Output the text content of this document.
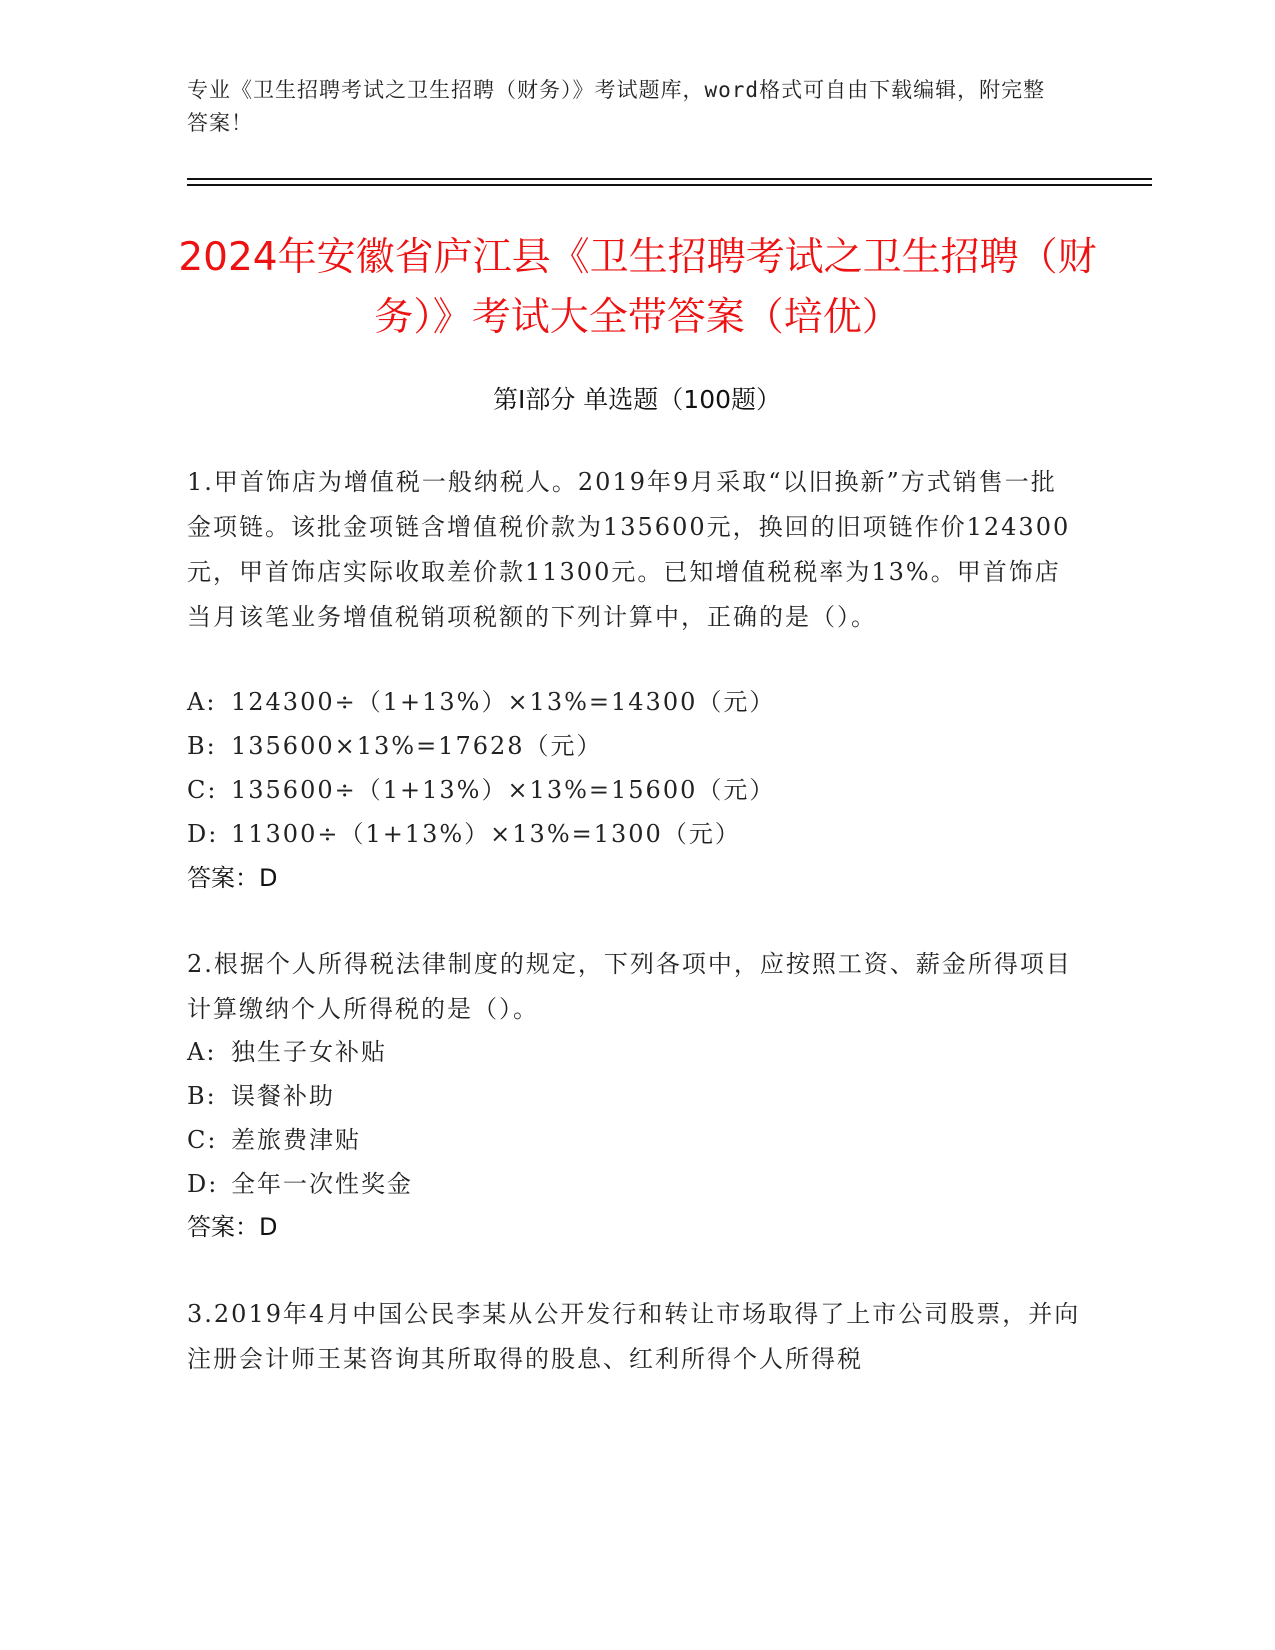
专业《卫生招聘考试之卫生招聘（财务）》考试题库，word格式可自由下载编辑，附完整答案！
2024年安徽省庐江县《卫生招聘考试之卫生招聘（财务）》考试大全带答案（培优）
第I部分 单选题（100题）
1.甲首饰店为增值税一般纳税人。2019年9月采取“以旧换新”方式销售一批金项链。该批金项链含增值税价款为135600元，换回的旧项链作价124300元，甲首饰店实际收取差价款11300元。已知增值税税率为13%。甲首饰店当月该笔业务增值税销项税额的下列计算中，正确的是（）。
A: 124300÷（1+13%）×13%=14300（元）
B: 135600×13%=17628（元）
C: 135600÷（1+13%）×13%=15600（元）
D: 11300÷（1+13%）×13%=1300（元）
答案：D
2.根据个人所得税法律制度的规定，下列各项中，应按照工资、薪金所得项目计算缴纳个人所得税的是（）。
A: 独生子女补贴
B: 误餐补助
C: 差旅费津贴
D: 全年一次性奖金
答案：D
3.2019年4月中国公民李某从公开发行和转让市场取得了上市公司股票，并向注册会计师王某咨询其所取得的股息、红利所得个人所得税
